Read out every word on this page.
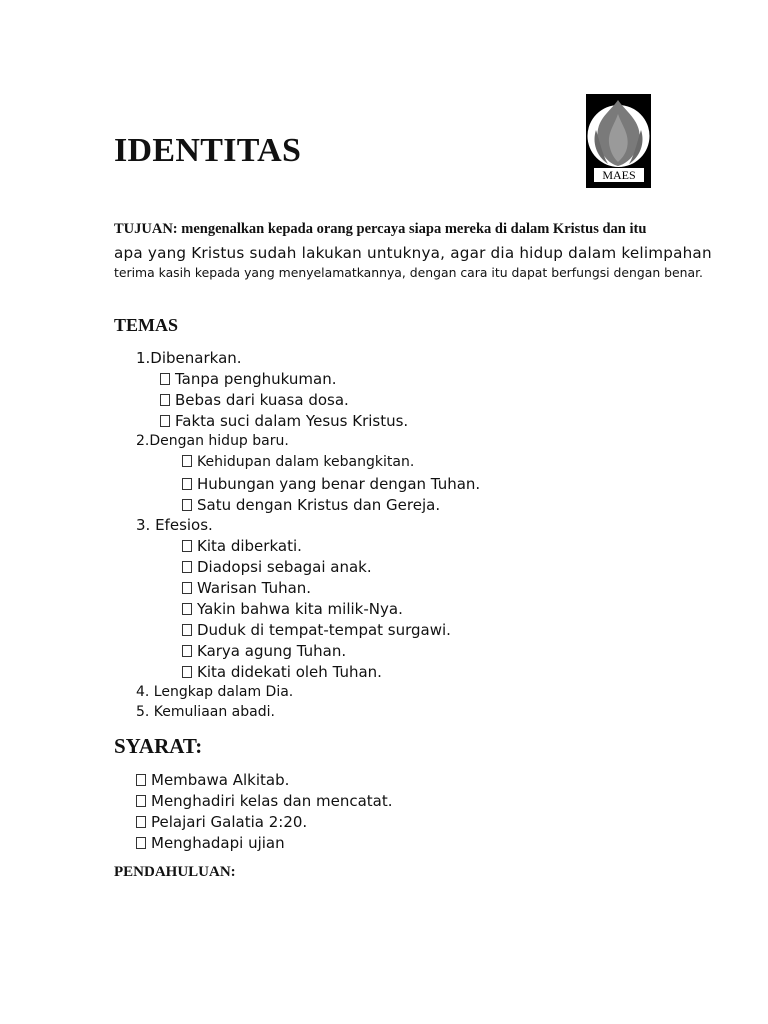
IDENTITAS
MAES
TUJUAN: mengenalkan kepada orang percaya siapa mereka di dalam Kristus dan itu
apa yang Kristus sudah lakukan untuknya, agar dia hidup dalam kelimpahan
terima kasih kepada yang menyelamatkannya, dengan cara itu dapat berfungsi dengan benar.
TEMAS
1.Dibenarkan.
Tanpa penghukuman.
Bebas dari kuasa dosa.
Fakta suci dalam Yesus Kristus.
2.Dengan hidup baru.
Kehidupan dalam kebangkitan.
Hubungan yang benar dengan Tuhan.
Satu dengan Kristus dan Gereja.
3. Efesios.
Kita diberkati.
Diadopsi sebagai anak.
Warisan Tuhan.
Yakin bahwa kita milik-Nya.
Duduk di tempat-tempat surgawi.
Karya agung Tuhan.
Kita didekati oleh Tuhan.
4. Lengkap dalam Dia.
5. Kemuliaan abadi.
SYARAT:
Membawa Alkitab.
Menghadiri kelas dan mencatat.
Pelajari Galatia 2:20.
Menghadapi ujian
PENDAHULUAN:
